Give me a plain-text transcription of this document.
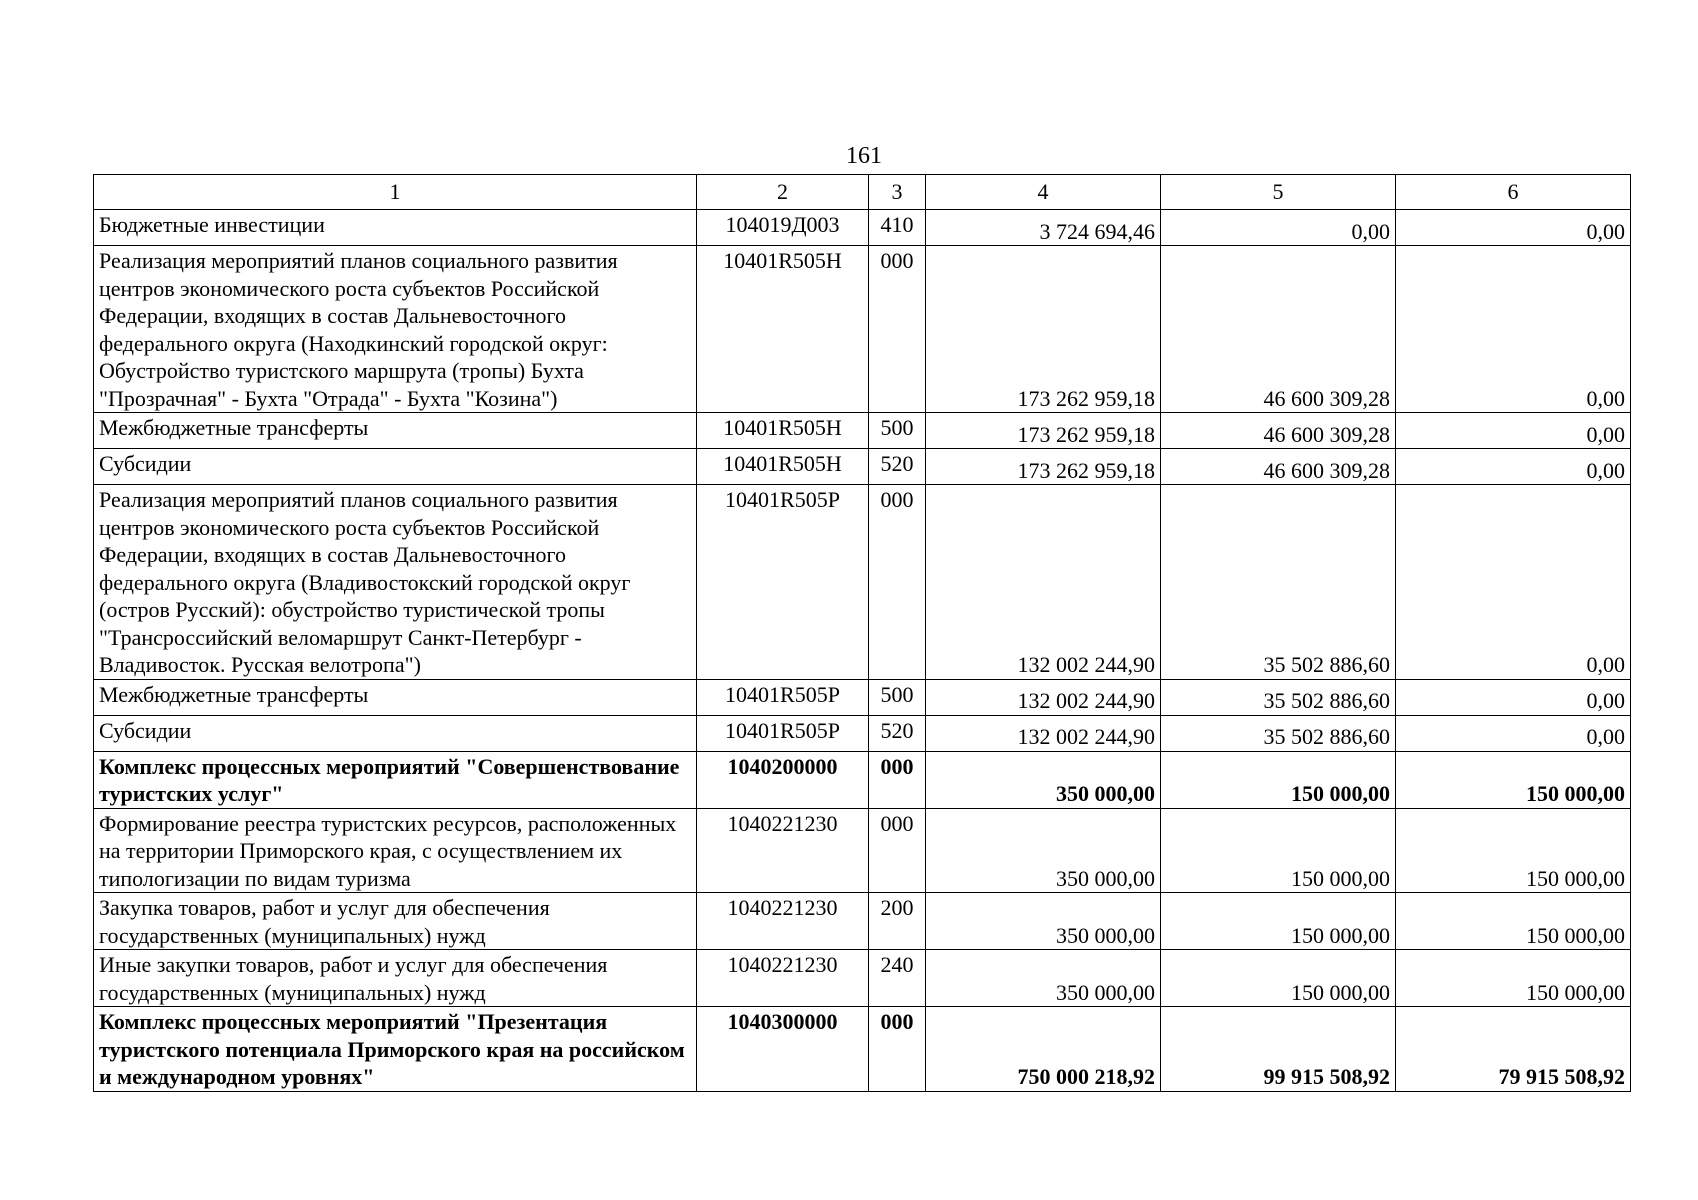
161
1	2	3	4	5	6
Бюджетные инвестиции	104019Д003	410	3 724 694,46	0,00	0,00
Реализация мероприятий планов социального развития центров экономического роста субъектов Российской Федерации, входящих в состав Дальневосточного федерального округа (Находкинский городской округ: Обустройство туристского маршрута (тропы) Бухта "Прозрачная" - Бухта "Отрада" - Бухта "Козина")	10401R505H	000	173 262 959,18	46 600 309,28	0,00
Межбюджетные трансферты	10401R505H	500	173 262 959,18	46 600 309,28	0,00
Субсидии	10401R505H	520	173 262 959,18	46 600 309,28	0,00
Реализация мероприятий планов социального развития центров экономического роста субъектов Российской Федерации, входящих в состав Дальневосточного федерального округа (Владивостокский городской округ (остров Русский): обустройство туристической тропы "Трансроссийский веломаршрут Санкт-Петербург - Владивосток. Русская велотропа")	10401R505P	000	132 002 244,90	35 502 886,60	0,00
Межбюджетные трансферты	10401R505P	500	132 002 244,90	35 502 886,60	0,00
Субсидии	10401R505P	520	132 002 244,90	35 502 886,60	0,00
Комплекс процессных мероприятий "Совершенствование туристских услуг"	1040200000	000	350 000,00	150 000,00	150 000,00
Формирование реестра туристских ресурсов, расположенных на территории Приморского края, с осуществлением их типологизации по видам туризма	1040221230	000	350 000,00	150 000,00	150 000,00
Закупка товаров, работ и услуг для обеспечения государственных (муниципальных) нужд	1040221230	200	350 000,00	150 000,00	150 000,00
Иные закупки товаров, работ и услуг для обеспечения государственных (муниципальных) нужд	1040221230	240	350 000,00	150 000,00	150 000,00
Комплекс процессных мероприятий "Презентация туристского потенциала Приморского края на российском и международном уровнях"	1040300000	000	750 000 218,92	99 915 508,92	79 915 508,92
